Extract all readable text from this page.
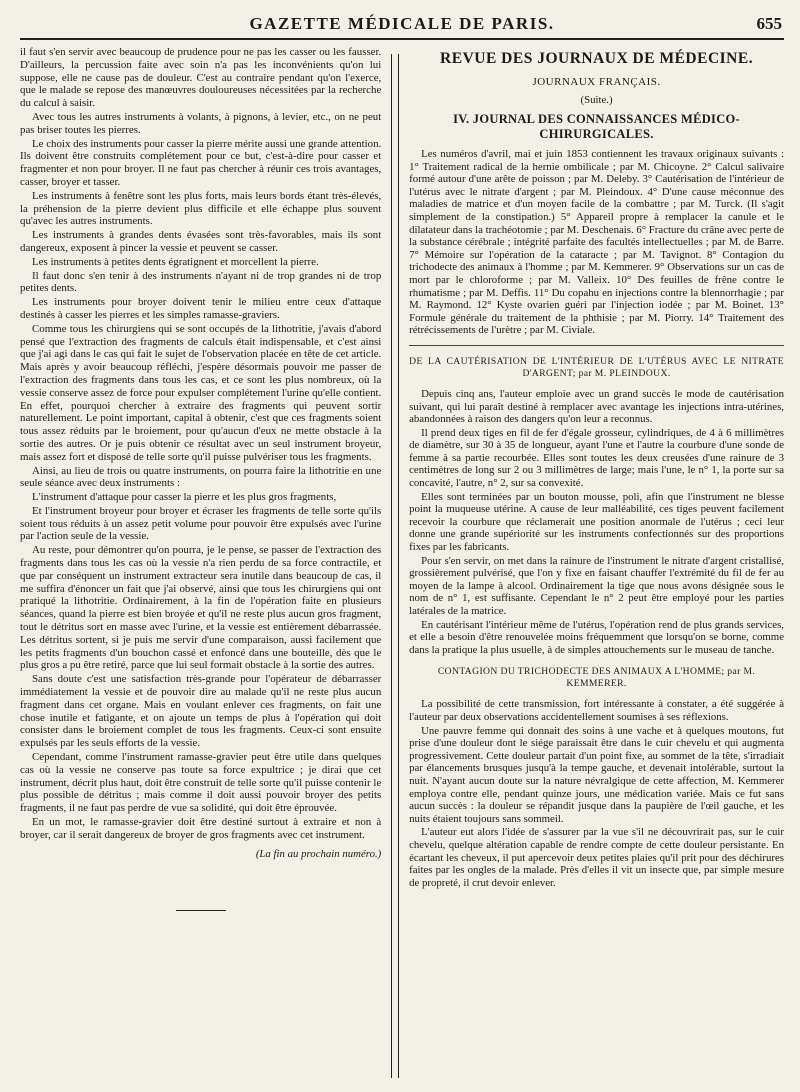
GAZETTE MÉDICALE DE PARIS.	655

il faut s'en servir avec beaucoup de prudence pour ne pas les casser ou les fausser. D'ailleurs, la percussion faite avec soin n'a pas les inconvénients qu'on lui suppose, elle ne cause pas de douleur. C'est au contraire pendant qu'on l'exerce, que le malade se repose des manœuvres douloureuses nécessitées par la recherche du calcul à saisir.

Avec tous les autres instruments à volants, à pignons, à levier, etc., on ne peut pas briser toutes les pierres.

Le choix des instruments pour casser la pierre mérite aussi une grande attention. Ils doivent être construits complétement pour ce but, c'est-à-dire pour casser et fragmenter et non pour broyer. Il ne faut pas chercher à réunir ces trois avantages, casser, broyer et tasser.

Les instruments à fenêtre sont les plus forts, mais leurs bords étant très-élevés, la préhension de la pierre devient plus difficile et elle échappe plus souvent qu'avec les autres instruments.

Les instruments à grandes dents évasées sont très-favorables, mais ils sont dangereux, exposent à pincer la vessie et peuvent se casser.

Les instruments à petites dents égratignent et morcellent la pierre.

Il faut donc s'en tenir à des instruments n'ayant ni de trop grandes ni de trop petites dents.

Les instruments pour broyer doivent tenir le milieu entre ceux d'attaque destinés à casser les pierres et les simples ramasse-graviers.

Comme tous les chirurgiens qui se sont occupés de la lithotritie, j'avais d'abord pensé que l'extraction des fragments de calculs était indispensable, et c'est ainsi que j'ai agi dans le cas qui fait le sujet de l'observation placée en tête de cet article. Mais après y avoir beaucoup réfléchi, j'espère désormais pouvoir me passer de l'extraction des fragments dans tous les cas, et ce sont les plus nombreux, où la vessie conserve assez de force pour expulser complétement l'urine qu'elle contient. En effet, pourquoi chercher à extraire des fragments qui peuvent sortir naturellement. Le point important, capital à obtenir, c'est que ces fragments soient tous assez réduits par le broiement, pour qu'aucun d'eux ne mette obstacle à la sortie des autres. Or je puis obtenir ce résultat avec un seul instrument broyeur, mais assez fort et disposé de telle sorte qu'il puisse pulvériser tous les fragments.

Ainsi, au lieu de trois ou quatre instruments, on pourra faire la lithotritie en une seule séance avec deux instruments :

L'instrument d'attaque pour casser la pierre et les plus gros fragments,

Et l'instrument broyeur pour broyer et écraser les fragments de telle sorte qu'ils soient tous réduits à un assez petit volume pour pouvoir être expulsés avec l'urine par l'action seule de la vessie.

Au reste, pour démontrer qu'on pourra, je le pense, se passer de l'extraction des fragments dans tous les cas où la vessie n'a rien perdu de sa force contractile, et que par conséquent un instrument extracteur sera inutile dans beaucoup de cas, il me suffira d'énoncer un fait que j'ai observé, ainsi que tous les chirurgiens qui ont pratiqué la lithotritie. Ordinairement, à la fin de l'opération faite en plusieurs séances, quand la pierre est bien broyée et qu'il ne reste plus aucun gros fragment, tout le détritus sort en masse avec l'urine, et la vessie est entièrement débarrassée. Les détritus sortent, si je puis me servir d'une comparaison, aussi facilement que les petits fragments d'un bouchon cassé et enfoncé dans une bouteille, dès que le plus gros a pu être retiré, parce que lui seul formait obstacle à la sortie des autres.

Sans doute c'est une satisfaction très-grande pour l'opérateur de débarrasser immédiatement la vessie et de pouvoir dire au malade qu'il ne reste plus aucun fragment dans cet organe. Mais en voulant enlever ces fragments, on fait une chose inutile et fatigante, et on ajoute un temps de plus à l'opération qui doit consister dans le broiement complet de tous les fragments. Ceux-ci sont ensuite expulsés par les seuls efforts de la vessie.

Cependant, comme l'instrument ramasse-gravier peut être utile dans quelques cas où la vessie ne conserve pas toute sa force expultrice ; je dirai que cet instrument, décrit plus haut, doit être construit de telle sorte qu'il puisse contenir le plus possible de détritus ; mais comme il doit aussi pouvoir broyer des petits fragments, il ne faut pas perdre de vue sa solidité, qui doit être éprouvée.

En un mot, le ramasse-gravier doit être destiné surtout à extraire et non à broyer, car il serait dangereux de broyer de gros fragments avec cet instrument.

(La fin au prochain numéro.)
REVUE DES JOURNAUX DE MÉDECINE.
JOURNAUX FRANÇAIS.
(Suite.)
IV. JOURNAL DES CONNAISSANCES MÉDICO-CHIRURGICALES.

Les numéros d'avril, mai et juin 1853 contiennent les travaux originaux suivants : 1° Traitement radical de la hernie ombilicale ; par M. Chicoyne. 2° Calcul salivaire formé autour d'une arête de poisson ; par M. Deleby. 3° Cautérisation de l'intérieur de l'utérus avec le nitrate d'argent ; par M. Pleindoux. 4° D'une cause méconnue des maladies de matrice et d'un moyen facile de la combattre ; par M. Turck. (Il s'agit simplement de la constipation.) 5° Appareil propre à remplacer la canule et le dilatateur dans la trachéotomie ; par M. Deschenais. 6° Fracture du crâne avec perte de la substance cérébrale ; intégrité parfaite des facultés intellectuelles ; par M. de Barre. 7° Mémoire sur l'opération de la cataracte ; par M. Tavignot. 8° Contagion du trichodecte des animaux à l'homme ; par M. Kemmerer. 9° Observations sur un cas de mort par le chloroforme ; par M. Valleix. 10° Des feuilles de frêne contre le rhumatisme ; par M. Deffis. 11° Du copahu en injections contre la blennorrhagie ; par M. Raymond. 12° Kyste ovarien guéri par l'injection iodée ; par M. Boinet. 13° Formule générale du traitement de la phthisie ; par M. Piorry. 14° Traitement des rétrécissements de l'urètre ; par M. Civiale.

DE LA CAUTÉRISATION DE L'INTÉRIEUR DE L'UTÉRUS AVEC LE NITRATE D'ARGENT; par M. PLEINDOUX.

Depuis cinq ans, l'auteur emploie avec un grand succès le mode de cautérisation suivant, qui lui paraît destiné à remplacer avec avantage les injections intra-utérines, abandonnées à raison des dangers qu'on leur a reconnus.

Il prend deux tiges en fil de fer d'égale grosseur, cylindriques, de 4 à 6 millimètres de diamètre, sur 30 à 35 de longueur, ayant l'une et l'autre la courbure d'une sonde de femme à sa partie recourbée. Elles sont toutes les deux creusées d'une rainure de 3 centimètres de long sur 2 ou 3 millimètres de large; mais l'une, le n° 1, la porte sur sa concavité, l'autre, n° 2, sur sa convexité.

Elles sont terminées par un bouton mousse, poli, afin que l'instrument ne blesse point la muqueuse utérine. A cause de leur malléabilité, ces tiges peuvent facilement recevoir la courbure que réclamerait une position anormale de l'utérus ; ceci leur donne une grande supériorité sur les instruments confectionnés sur des proportions fixes par les fabricants.

Pour s'en servir, on met dans la rainure de l'instrument le nitrate d'argent cristallisé, grossièrement pulvérisé, que l'on y fixe en faisant chauffer l'extrémité du fil de fer au moyen de la lampe à alcool. Ordinairement la tige que nous avons désignée sous le nom de n° 1, est suffisante. Cependant le n° 2 peut être employé pour les parties latérales de la matrice.

En cautérisant l'intérieur même de l'utérus, l'opération rend de plus grands services, et elle a besoin d'être renouvelée moins fréquemment que lorsqu'on se borne, comme dans la pratique la plus usuelle, à de simples attouchements sur le museau de tanche.

CONTAGION DU TRICHODECTE DES ANIMAUX A L'HOMME; par M. KEMMERER.

La possibilité de cette transmission, fort intéressante à constater, a été suggérée à l'auteur par deux observations accidentellement soumises à ses réflexions.

Une pauvre femme qui donnait des soins à une vache et à quelques moutons, fut prise d'une douleur dont le siége paraissait être dans le cuir chevelu et qui augmenta progressivement. Cette douleur partait d'un point fixe, au sommet de la tête, s'irradiait par élancements brusques jusqu'à la tempe gauche, et devenait intolérable, surtout la nuit. N'ayant aucun doute sur la nature névralgique de cette affection, M. Kemmerer employa contre elle, pendant quinze jours, une médication variée. Mais ce fut sans aucun succès : la douleur se répandit jusque dans la paupière de l'œil gauche, et les nuits étaient toujours sans sommeil.

L'auteur eut alors l'idée de s'assurer par la vue s'il ne découvrirait pas, sur le cuir chevelu, quelque altération capable de rendre compte de cette douleur persistante. En écartant les cheveux, il put apercevoir deux petites plaies qu'il prit pour des déchirures faites par les ongles de la malade. Près d'elles il vit un insecte que, par simple mesure de propreté, il crut devoir enlever.
